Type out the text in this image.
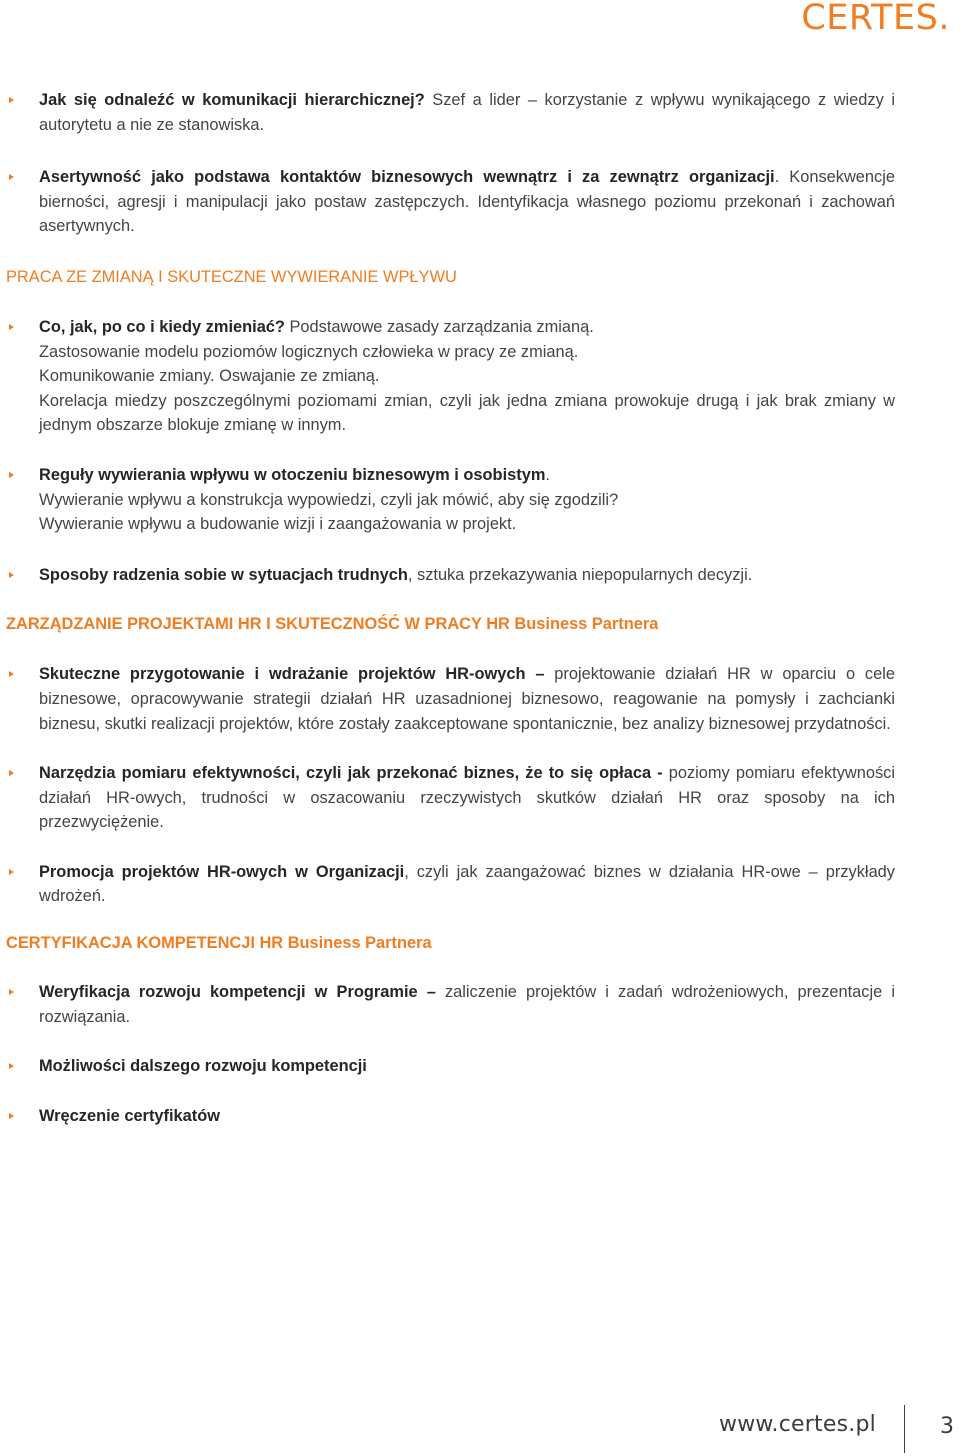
CERTES.
Jak się odnaleźć w komunikacji hierarchicznej? Szef a lider – korzystanie z wpływu wynikającego z wiedzy i autorytetu a nie ze stanowiska.
Asertywność jako podstawa kontaktów biznesowych wewnątrz i za zewnątrz organizacji. Konsekwencje bierności, agresji i manipulacji jako postaw zastępczych. Identyfikacja własnego poziomu przekonań i zachowań asertywnych.
PRACA ZE ZMIANĄ I SKUTECZNE WYWIERANIE WPŁYWU
Co, jak, po co i kiedy zmieniać? Podstawowe zasady zarządzania zmianą.
Zastosowanie modelu poziomów logicznych człowieka w pracy ze zmianą.
Komunikowanie zmiany. Oswajanie ze zmianą.
Korelacja miedzy poszczególnymi poziomami zmian, czyli jak jedna zmiana prowokuje drugą i jak brak zmiany w jednym obszarze blokuje zmianę w innym.
Reguły wywierania wpływu w otoczeniu biznesowym i osobistym.
Wywieranie wpływu a konstrukcja wypowiedzi, czyli jak mówić, aby się zgodzili?
Wywieranie wpływu a budowanie wizji i zaangażowania w projekt.
Sposoby radzenia sobie w sytuacjach trudnych, sztuka przekazywania niepopularnych decyzji.
ZARZĄDZANIE PROJEKTAMI HR I SKUTECZNOŚĆ W PRACY HR Business Partnera
Skuteczne przygotowanie i wdrażanie projektów HR-owych – projektowanie działań HR w oparciu o cele biznesowe, opracowywanie strategii działań HR uzasadnionej biznesowo, reagowanie na pomysły i zachcianki biznesu, skutki realizacji projektów, które zostały zaakceptowane spontanicznie, bez analizy biznesowej przydatności.
Narzędzia pomiaru efektywności, czyli jak przekonać biznes, że to się opłaca - poziomy pomiaru efektywności działań HR-owych, trudności w oszacowaniu rzeczywistych skutków działań HR oraz sposoby na ich przezwyciężenie.
Promocja projektów HR-owych w Organizacji, czyli jak zaangażować biznes w działania HR-owe – przykłady wdrożeń.
CERTYFIKACJA KOMPETENCJI HR Business Partnera
Weryfikacja rozwoju kompetencji w Programie – zaliczenie projektów i zadań wdrożeniowych, prezentacje i rozwiązania.
Możliwości dalszego rozwoju kompetencji
Wręczenie certyfikatów
www.certes.pl	3
